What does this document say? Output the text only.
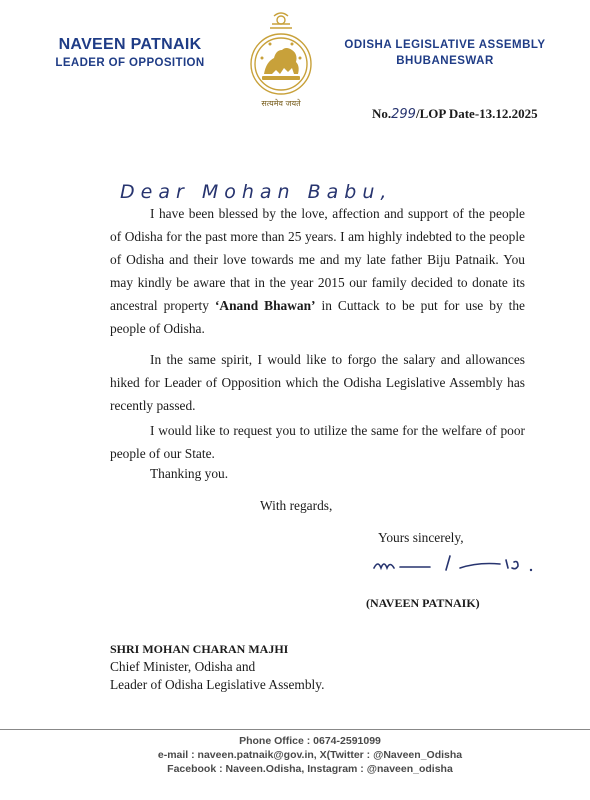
NAVEEN PATNAIK
LEADER OF OPPOSITION
सत्यमेव जयते
ODISHA LEGISLATIVE ASSEMBLY
BHUBANESWAR
No.299/LOP Date-13.12.2025
Dear Mohan Babu,

I have been blessed by the love, affection and support of the people of Odisha for the past more than 25 years. I am highly indebted to the people of Odisha and their love towards me and my late father Biju Patnaik. You may kindly be aware that in the year 2015 our family decided to donate its ancestral property ‘Anand Bhawan’ in Cuttack to be put for use by the people of Odisha.

In the same spirit, I would like to forgo the salary and allowances hiked for Leader of Opposition which the Odisha Legislative Assembly has recently passed.

I would like to request you to utilize the same for the welfare of poor people of our State.

Thanking you.
With regards,
Yours sincerely,
(NAVEEN PATNAIK)
SHRI MOHAN CHARAN MAJHI
Chief Minister, Odisha and
Leader of Odisha Legislative Assembly.
Phone Office : 0674-2591099
e-mail : naveen.patnaik@gov.in, X(Twitter : @Naveen_Odisha
Facebook : Naveen.Odisha, Instagram : @naveen_odisha
